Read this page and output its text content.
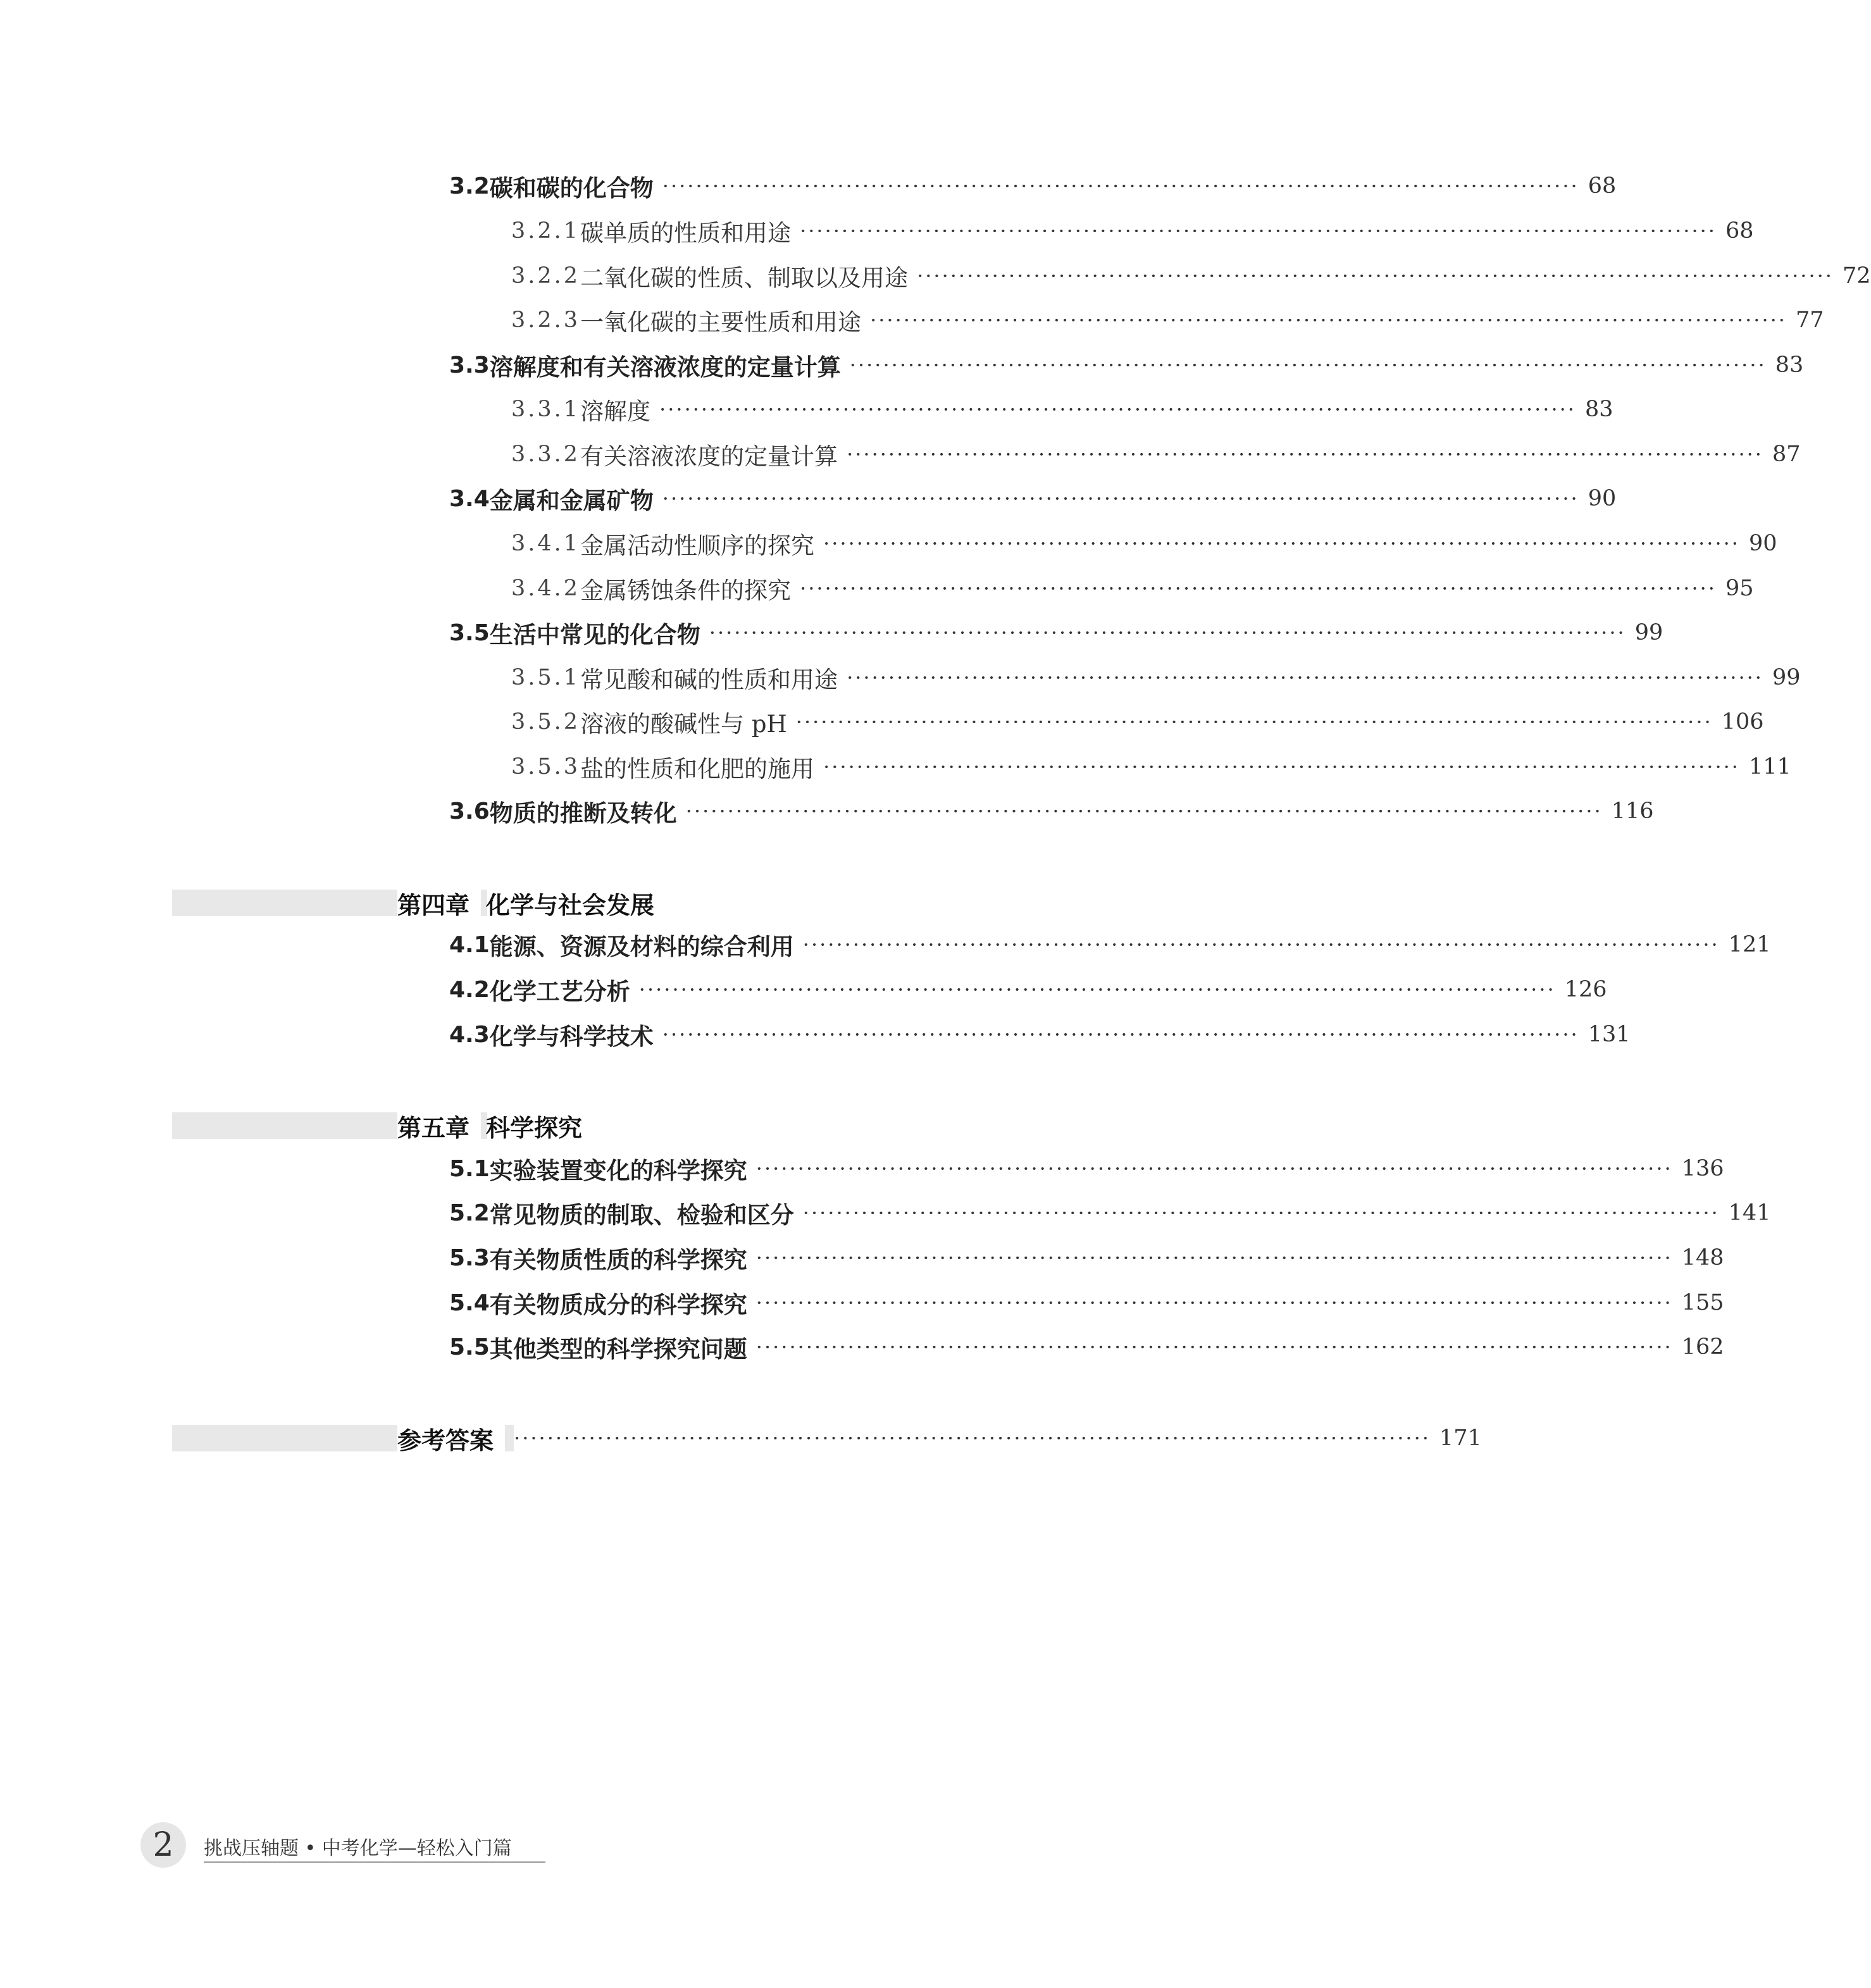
3.2 碳和碳的化合物 ·············································································································· 68
3.2.1 碳单质的性质和用途 ·············································································································· 68
3.2.2 二氧化碳的性质、制取以及用途 ·············································································································· 72
3.2.3 一氧化碳的主要性质和用途 ·············································································································· 77
3.3 溶解度和有关溶液浓度的定量计算 ·············································································································· 83
3.3.1 溶解度 ·············································································································· 83
3.3.2 有关溶液浓度的定量计算 ·············································································································· 87
3.4 金属和金属矿物 ·············································································································· 90
3.4.1 金属活动性顺序的探究 ·············································································································· 90
3.4.2 金属锈蚀条件的探究 ·············································································································· 95
3.5 生活中常见的化合物 ·············································································································· 99
3.5.1 常见酸和碱的性质和用途 ·············································································································· 99
3.5.2 溶液的酸碱性与 pH ·············································································································· 106
3.5.3 盐的性质和化肥的施用 ·············································································································· 111
3.6 物质的推断及转化 ·············································································································· 116
第四章 化学与社会发展
4.1 能源、资源及材料的综合利用 ·············································································································· 121
4.2 化学工艺分析 ·············································································································· 126
4.3 化学与科学技术 ·············································································································· 131
第五章 科学探究
5.1 实验装置变化的科学探究 ·············································································································· 136
5.2 常见物质的制取、检验和区分 ·············································································································· 141
5.3 有关物质性质的科学探究 ·············································································································· 148
5.4 有关物质成分的科学探究 ·············································································································· 155
5.5 其他类型的科学探究问题 ·············································································································· 162
参考答案	·············································································································· 171
2	挑战压轴题 • 中考化学—轻松入门篇
